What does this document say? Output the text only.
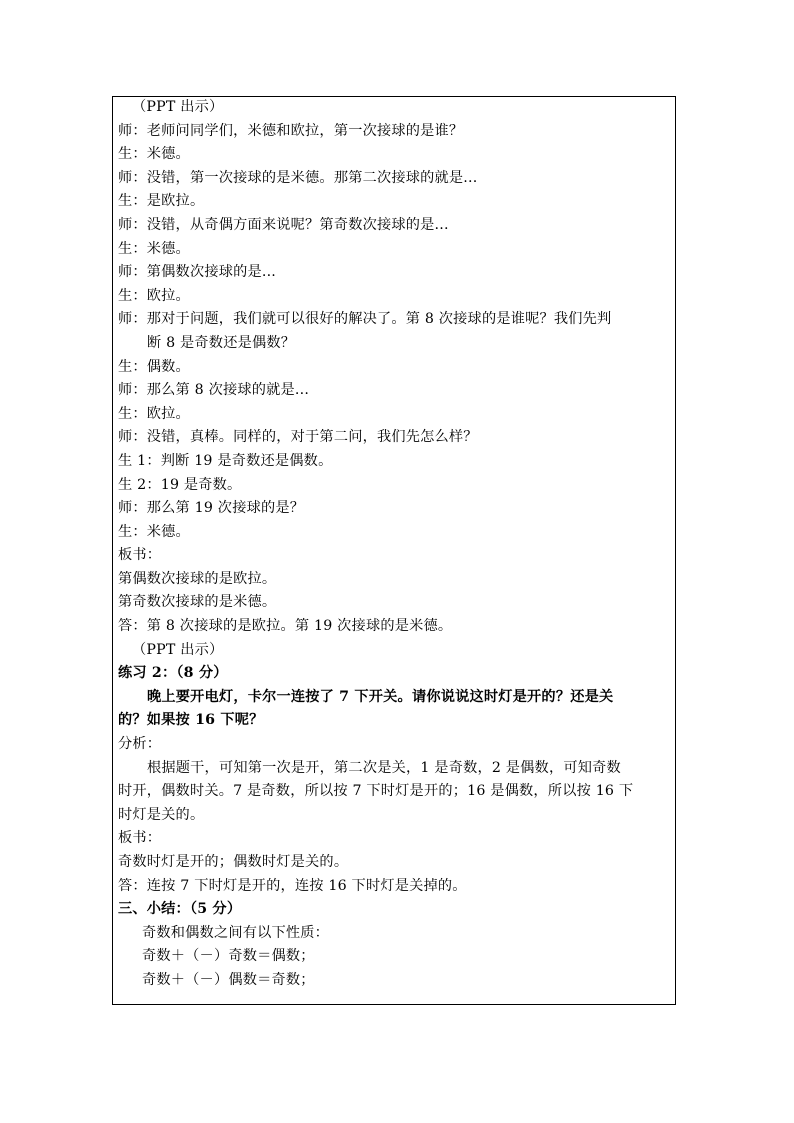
（PPT 出示）
师：老师问同学们，米德和欧拉，第一次接球的是谁？
生：米德。
师：没错，第一次接球的是米德。那第二次接球的就是...
生：是欧拉。
师：没错，从奇偶方面来说呢？第奇数次接球的是...
生：米德。
师：第偶数次接球的是...
生：欧拉。
师：那对于问题，我们就可以很好的解决了。第 8 次接球的是谁呢？我们先判
断 8 是奇数还是偶数？
生：偶数。
师：那么第 8 次接球的就是...
生：欧拉。
师：没错，真棒。同样的，对于第二问，我们先怎么样？
生 1：判断 19 是奇数还是偶数。
生 2：19 是奇数。
师：那么第 19 次接球的是？
生：米德。
板书：
第偶数次接球的是欧拉。
第奇数次接球的是米德。
答：第 8 次接球的是欧拉。第 19 次接球的是米德。
（PPT 出示）
练习 2：（8 分）
晚上要开电灯，卡尔一连按了 7 下开关。请你说说这时灯是开的？还是关
的？如果按 16 下呢？
分析：
根据题干，可知第一次是开，第二次是关，1 是奇数，2 是偶数，可知奇数
时开，偶数时关。7 是奇数，所以按 7 下时灯是开的；16 是偶数，所以按 16 下
时灯是关的。
板书：
奇数时灯是开的；偶数时灯是关的。
答：连按 7 下时灯是开的，连按 16 下时灯是关掉的。
三、小结：（5 分）
奇数和偶数之间有以下性质：
奇数＋（－）奇数＝偶数；
奇数＋（－）偶数＝奇数；
